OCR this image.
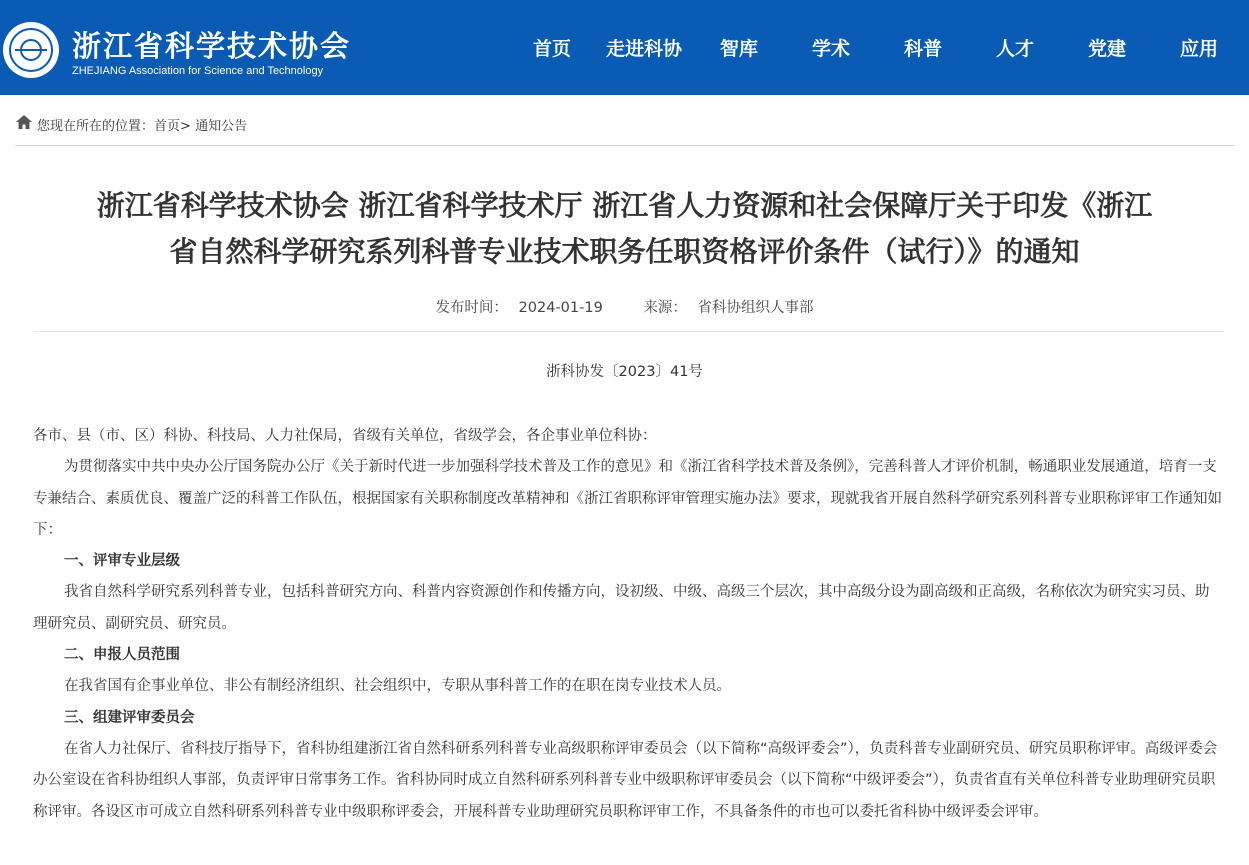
浙江省科学技术协会
ZHEJIANG Association for Science and Technology
首页 走进科协 智库	学术	科普	人才	党建	应用
您现在所在的位置：首页> 通知公告
浙江省科学技术协会 浙江省科学技术厅 浙江省人力资源和社会保障厅关于印发《浙江
省自然科学研究系列科普专业技术职务任职资格评价条件（试行）》的通知
发布时间： 2024-01-19	来源： 省科协组织人事部
浙科协发〔2023〕41号

各市、县（市、区）科协、科技局、人力社保局，省级有关单位，省级学会，各企事业单位科协：

为贯彻落实中共中央办公厅国务院办公厅《关于新时代进一步加强科学技术普及工作的意见》和《浙江省科学技术普及条例》，完善科普人才评价机制，畅通职业发展通道，培育一支专兼结合、素质优良、覆盖广泛的科普工作队伍，根据国家有关职称制度改革精神和《浙江省职称评审管理实施办法》要求，现就我省开展自然科学研究系列科普专业职称评审工作通知如下：

一、评审专业层级

我省自然科学研究系列科普专业，包括科普研究方向、科普内容资源创作和传播方向，设初级、中级、高级三个层次，其中高级分设为副高级和正高级，名称依次为研究实习员、助理研究员、副研究员、研究员。

二、申报人员范围

在我省国有企事业单位、非公有制经济组织、社会组织中，专职从事科普工作的在职在岗专业技术人员。

三、组建评审委员会

在省人力社保厅、省科技厅指导下，省科协组建浙江省自然科研系列科普专业高级职称评审委员会（以下简称“高级评委会”），负责科普专业副研究员、研究员职称评审。高级评委会办公室设在省科协组织人事部，负责评审日常事务工作。省科协同时成立自然科研系列科普专业中级职称评审委员会（以下简称“中级评委会”），负责省直有关单位科普专业助理研究员职称评审。各设区市可成立自然科研系列科普专业中级职称评委会，开展科普专业助理研究员职称评审工作，不具备条件的市也可以委托省科协中级评委会评审。
